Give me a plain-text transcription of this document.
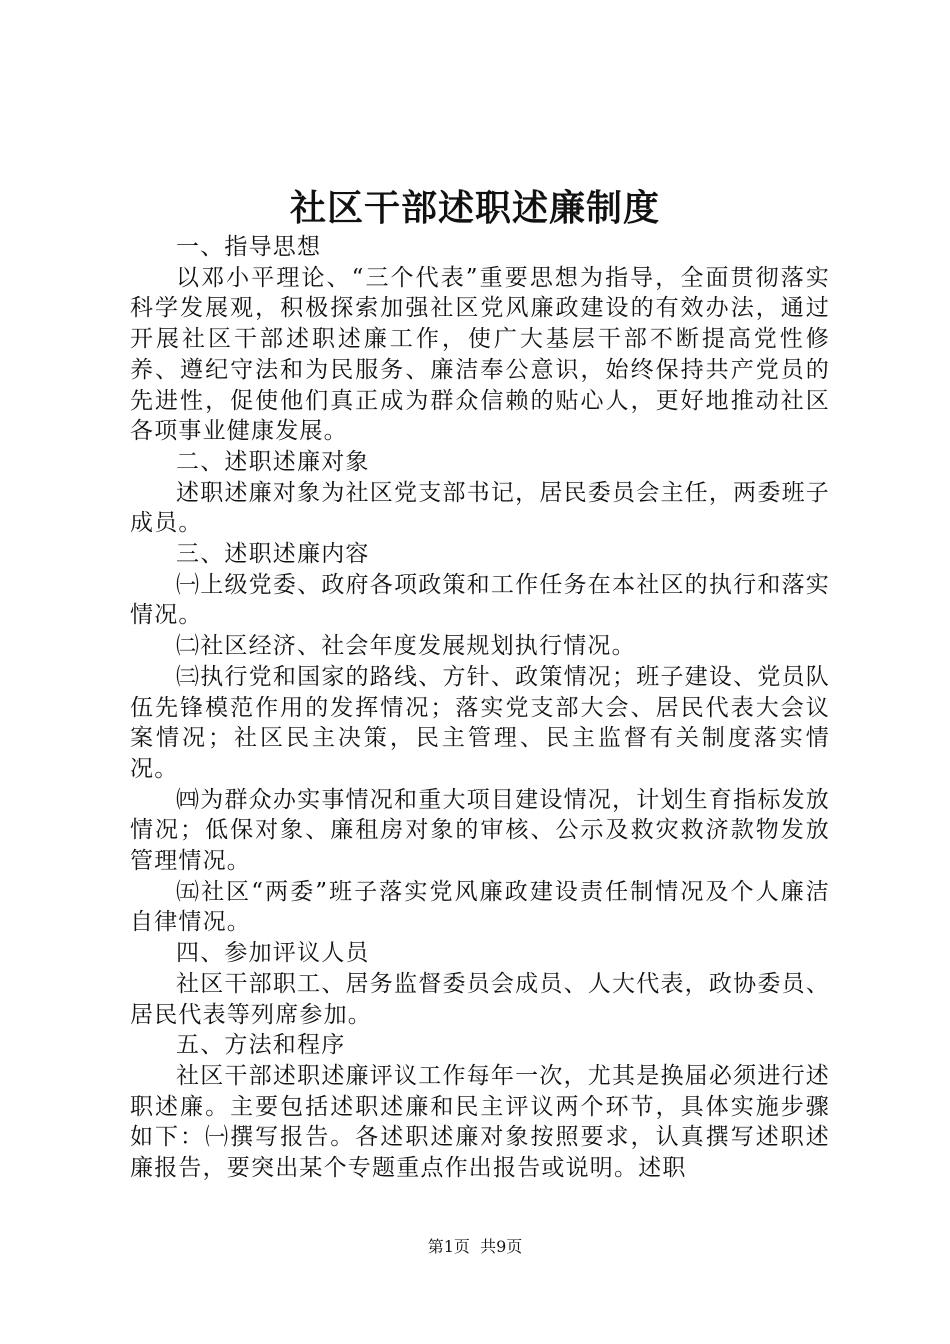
社区干部述职述廉制度

一、指导思想

以邓小平理论、“三个代表”重要思想为指导，全面贯彻落实科学发展观，积极探索加强社区党风廉政建设的有效办法，通过开展社区干部述职述廉工作，使广大基层干部不断提高党性修养、遵纪守法和为民服务、廉洁奉公意识，始终保持共产党员的先进性，促使他们真正成为群众信赖的贴心人，更好地推动社区各项事业健康发展。

二、述职述廉对象

述职述廉对象为社区党支部书记，居民委员会主任，两委班子成员。

三、述职述廉内容

㈠上级党委、政府各项政策和工作任务在本社区的执行和落实情况。

㈡社区经济、社会年度发展规划执行情况。

㈢执行党和国家的路线、方针、政策情况；班子建设、党员队伍先锋模范作用的发挥情况；落实党支部大会、居民代表大会议案情况；社区民主决策，民主管理、民主监督有关制度落实情况。

㈣为群众办实事情况和重大项目建设情况，计划生育指标发放情况；低保对象、廉租房对象的审核、公示及救灾救济款物发放管理情况。

㈤社区“两委”班子落实党风廉政建设责任制情况及个人廉洁自律情况。

四、参加评议人员

社区干部职工、居务监督委员会成员、人大代表，政协委员、居民代表等列席参加。

五、方法和程序

社区干部述职述廉评议工作每年一次，尤其是换届必须进行述职述廉。主要包括述职述廉和民主评议两个环节，具体实施步骤如下：㈠撰写报告。各述职述廉对象按照要求，认真撰写述职述廉报告，要突出某个专题重点作出报告或说明。述职

第1页  共9页
